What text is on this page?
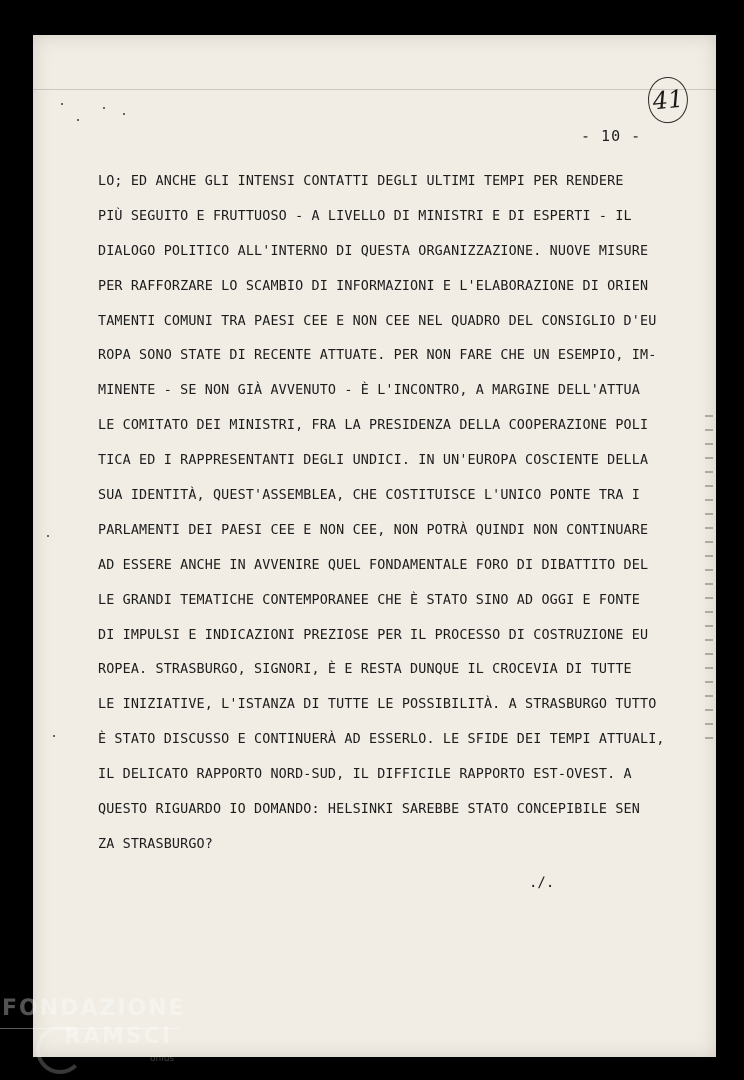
41
- 10 -
LO; ED ANCHE GLI INTENSI CONTATTI DEGLI ULTIMI TEMPI PER RENDERE
PIÙ SEGUITO E FRUTTUOSO - A LIVELLO DI MINISTRI E DI ESPERTI - IL
DIALOGO POLITICO ALL'INTERNO DI QUESTA ORGANIZZAZIONE. NUOVE MISURE
PER RAFFORZARE LO SCAMBIO DI INFORMAZIONI E L'ELABORAZIONE DI ORIEN
TAMENTI COMUNI TRA PAESI CEE E NON CEE NEL QUADRO DEL CONSIGLIO D'EU
ROPA SONO STATE DI RECENTE ATTUATE. PER NON FARE CHE UN ESEMPIO, IM-
MINENTE - SE NON GIÀ AVVENUTO - È L'INCONTRO, A MARGINE DELL'ATTUA
LE COMITATO DEI MINISTRI, FRA LA PRESIDENZA DELLA COOPERAZIONE POLI
TICA ED I RAPPRESENTANTI DEGLI UNDICI. IN UN'EUROPA COSCIENTE DELLA
SUA IDENTITÀ, QUEST'ASSEMBLEA, CHE COSTITUISCE L'UNICO PONTE TRA I
PARLAMENTI DEI PAESI CEE E NON CEE, NON POTRÀ QUINDI NON CONTINUARE
AD ESSERE ANCHE IN AVVENIRE QUEL FONDAMENTALE FORO DI DIBATTITO DEL
LE GRANDI TEMATICHE CONTEMPORANEE CHE È STATO SINO AD OGGI E FONTE
DI IMPULSI E INDICAZIONI PREZIOSE PER IL PROCESSO DI COSTRUZIONE EU
ROPEA. STRASBURGO, SIGNORI, È E RESTA DUNQUE IL CROCEVIA DI TUTTE
LE INIZIATIVE, L'ISTANZA DI TUTTE LE POSSIBILITÀ. A STRASBURGO TUTTO
È STATO DISCUSSO E CONTINUERÀ AD ESSERLO. LE SFIDE DEI TEMPI ATTUALI,
IL DELICATO RAPPORTO NORD-SUD, IL DIFFICILE RAPPORTO EST-OVEST. A
QUESTO RIGUARDO IO DOMANDO: HELSINKI SAREBBE STATO CONCEPIBILE SEN
ZA STRASBURGO?
./.
FONDAZIONE
RAMSCI
onlus
